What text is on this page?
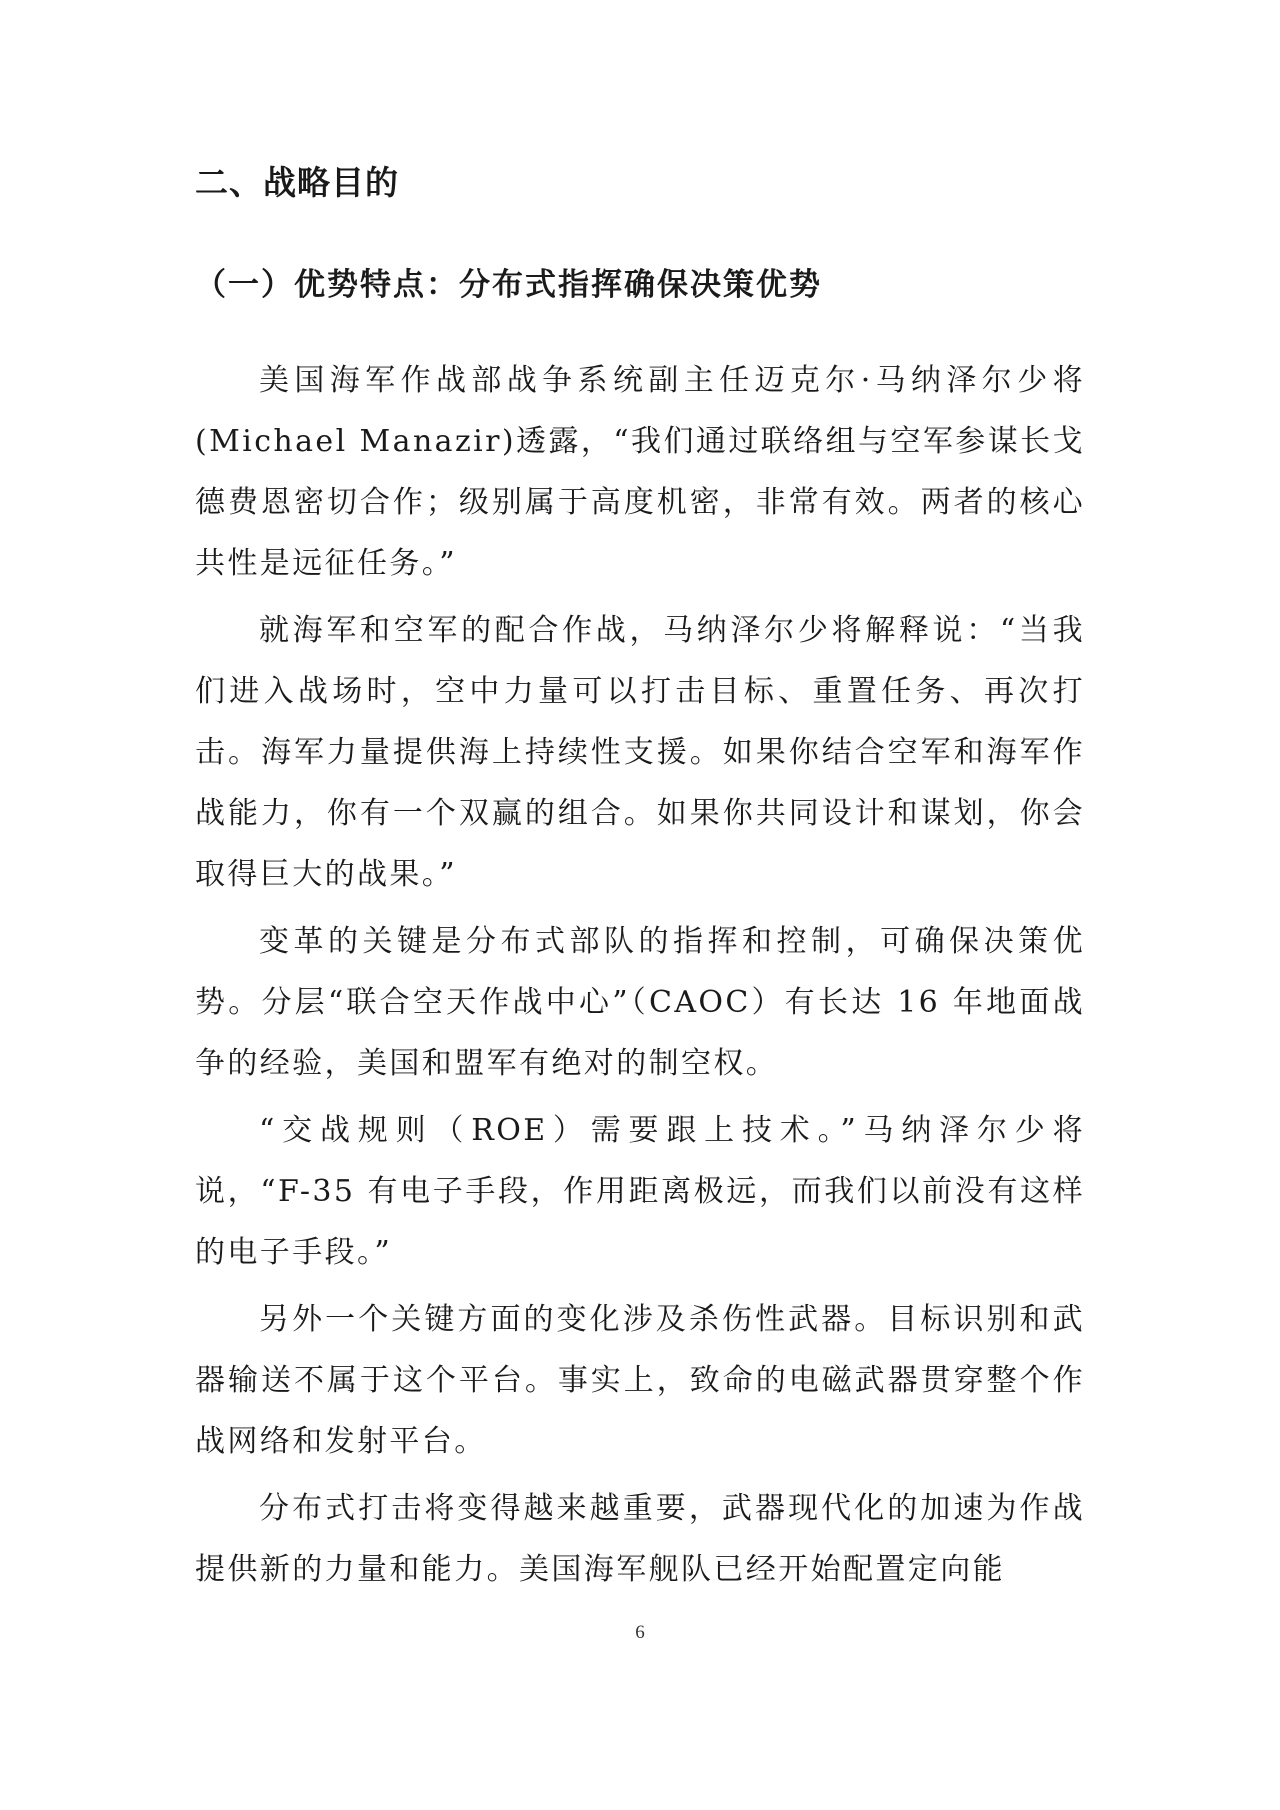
二、战略目的
（一）优势特点：分布式指挥确保决策优势

美国海军作战部战争系统副主任迈克尔·马纳泽尔少将(Michael Manazir)透露，“我们通过联络组与空军参谋长戈德费恩密切合作；级别属于高度机密，非常有效。两者的核心共性是远征任务。”

就海军和空军的配合作战，马纳泽尔少将解释说：“当我们进入战场时，空中力量可以打击目标、重置任务、再次打击。海军力量提供海上持续性支援。如果你结合空军和海军作战能力，你有一个双赢的组合。如果你共同设计和谋划，你会取得巨大的战果。”

变革的关键是分布式部队的指挥和控制，可确保决策优势。分层“联合空天作战中心”（CAOC）有长达 16 年地面战争的经验，美国和盟军有绝对的制空权。

“交战规则（ROE）需要跟上技术。”马纳泽尔少将说，“F-35 有电子手段，作用距离极远，而我们以前没有这样的电子手段。”

另外一个关键方面的变化涉及杀伤性武器。目标识别和武器输送不属于这个平台。事实上，致命的电磁武器贯穿整个作战网络和发射平台。

分布式打击将变得越来越重要，武器现代化的加速为作战提供新的力量和能力。美国海军舰队已经开始配置定向能

6
